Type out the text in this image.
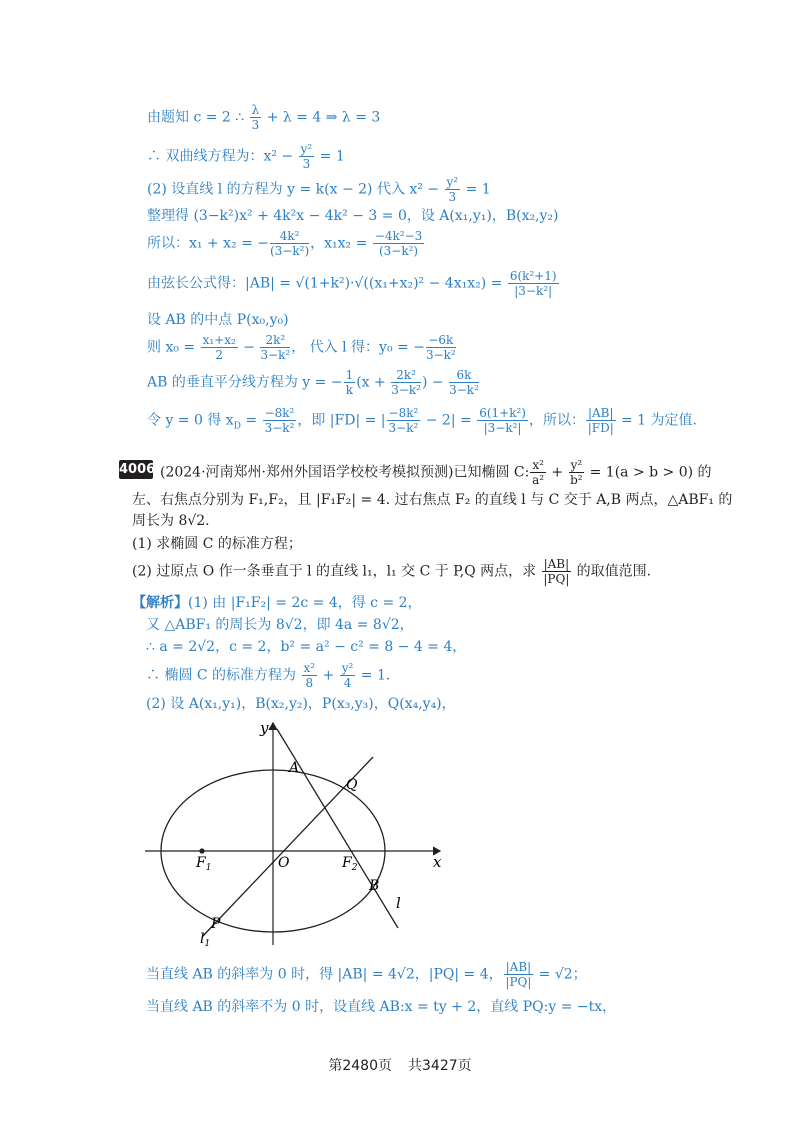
由题知 c = 2 ∴ $\frac{\lambda}{3} + \lambda = 4$ ⇒ λ = 3
∴ 双曲线方程为：$x^2 - \frac{\text{y²}}{3} = 1$
(2) 设直线 l 的方程为 y = k(x − 2) 代入 $x^2 - \frac{\text{y²}}{3} = 1$
整理得 (3−k²)x² + 4k²x − 4k² − 3 = 0，设 A(x₁,y₁)，B(x₂,y₂)
所以：x₁ + x₂ = − $\frac{\text{4k²}}{\text{(3−k²)}}$ ，$x_1x_2 = \frac{\text{−4k²−3}}{\text{(3−k²)}}$
由弦长公式得：$|AB| = √(1+k^2)\cdot√((x_1+x_2)^2 - 4x_1x_2) = \frac{\text{6(k²+1)}}{\text{|3−k²|}}$
设 AB 的中点 P(x₀,y₀)
则 $x_0 = \frac{\text{x₁+x₂}}{2} - \frac{\text{2k²}}{\text{3−k²}}$ ， 代入 l 得：y₀ = − $\frac{-6k}{\text{3−k²}}$
AB 的垂直平分线方程为 y = − $\frac{1}{k} (x + \frac{\text{2k²}}{\text{3−k²}}$ ) − $\frac{6k}{\text{3−k²}}$
令 y = 0 得 $x_D = \frac{\text{−8k²}}{\text{3−k²}}$ ，即 |FD| = | $\frac{\text{−8k²}}{\text{3−k²}} - 2| = \frac{\text{6(1+k²)}}{\text{|3−k²|}}$ ，所以： $\frac{|AB|}{|FD|} = 1$ 为定值.
4006 (2024·河南郑州·郑州外国语学校校考模拟预测)已知椭圆 C: $\frac{\text{x²}}{\text{a²}} + \frac{\text{y²}}{\text{b²}} = 1(a > b > 0)$ 的
左、右焦点分别为 F₁,F₂，且 |F₁F₂| = 4. 过右焦点 F₂ 的直线 l 与 C 交于 A,B 两点，△ABF₁ 的
周长为 8√2.
(1) 求椭圆 C 的标准方程；
(2) 过原点 O 作一条垂直于 l 的直线 l₁，l₁ 交 C 于 P,Q 两点，求 $\frac{|AB|}{|PQ|}$ 的取值范围.
【解析】(1) 由 |F₁F₂| = 2c = 4，得 c = 2，
又 △ABF₁ 的周长为 8√2，即 4a = 8√2，
∴ a = 2√2，c = 2，b² = a² − c² = 8 − 4 = 4，
∴ 椭圆 C 的标准方程为 $\frac{\text{x²}}{8} + \frac{\text{y²}}{4} = 1$.
(2) 设 A(x₁,y₁)，B(x₂,y₂)，P(x₃,y₃)，Q(x₄,y₄)，
y
x
O
A
Q
$F_1$	$F_2$
B
l
P
$l_1$
当直线 AB 的斜率为 0 时，得 |AB| = 4√2，|PQ| = 4， $\frac{|AB|}{|PQ|} = √2$；
当直线 AB 的斜率不为 0 时，设直线 AB:x = ty + 2，直线 PQ:y = −tx，
第2480页 共3427页
